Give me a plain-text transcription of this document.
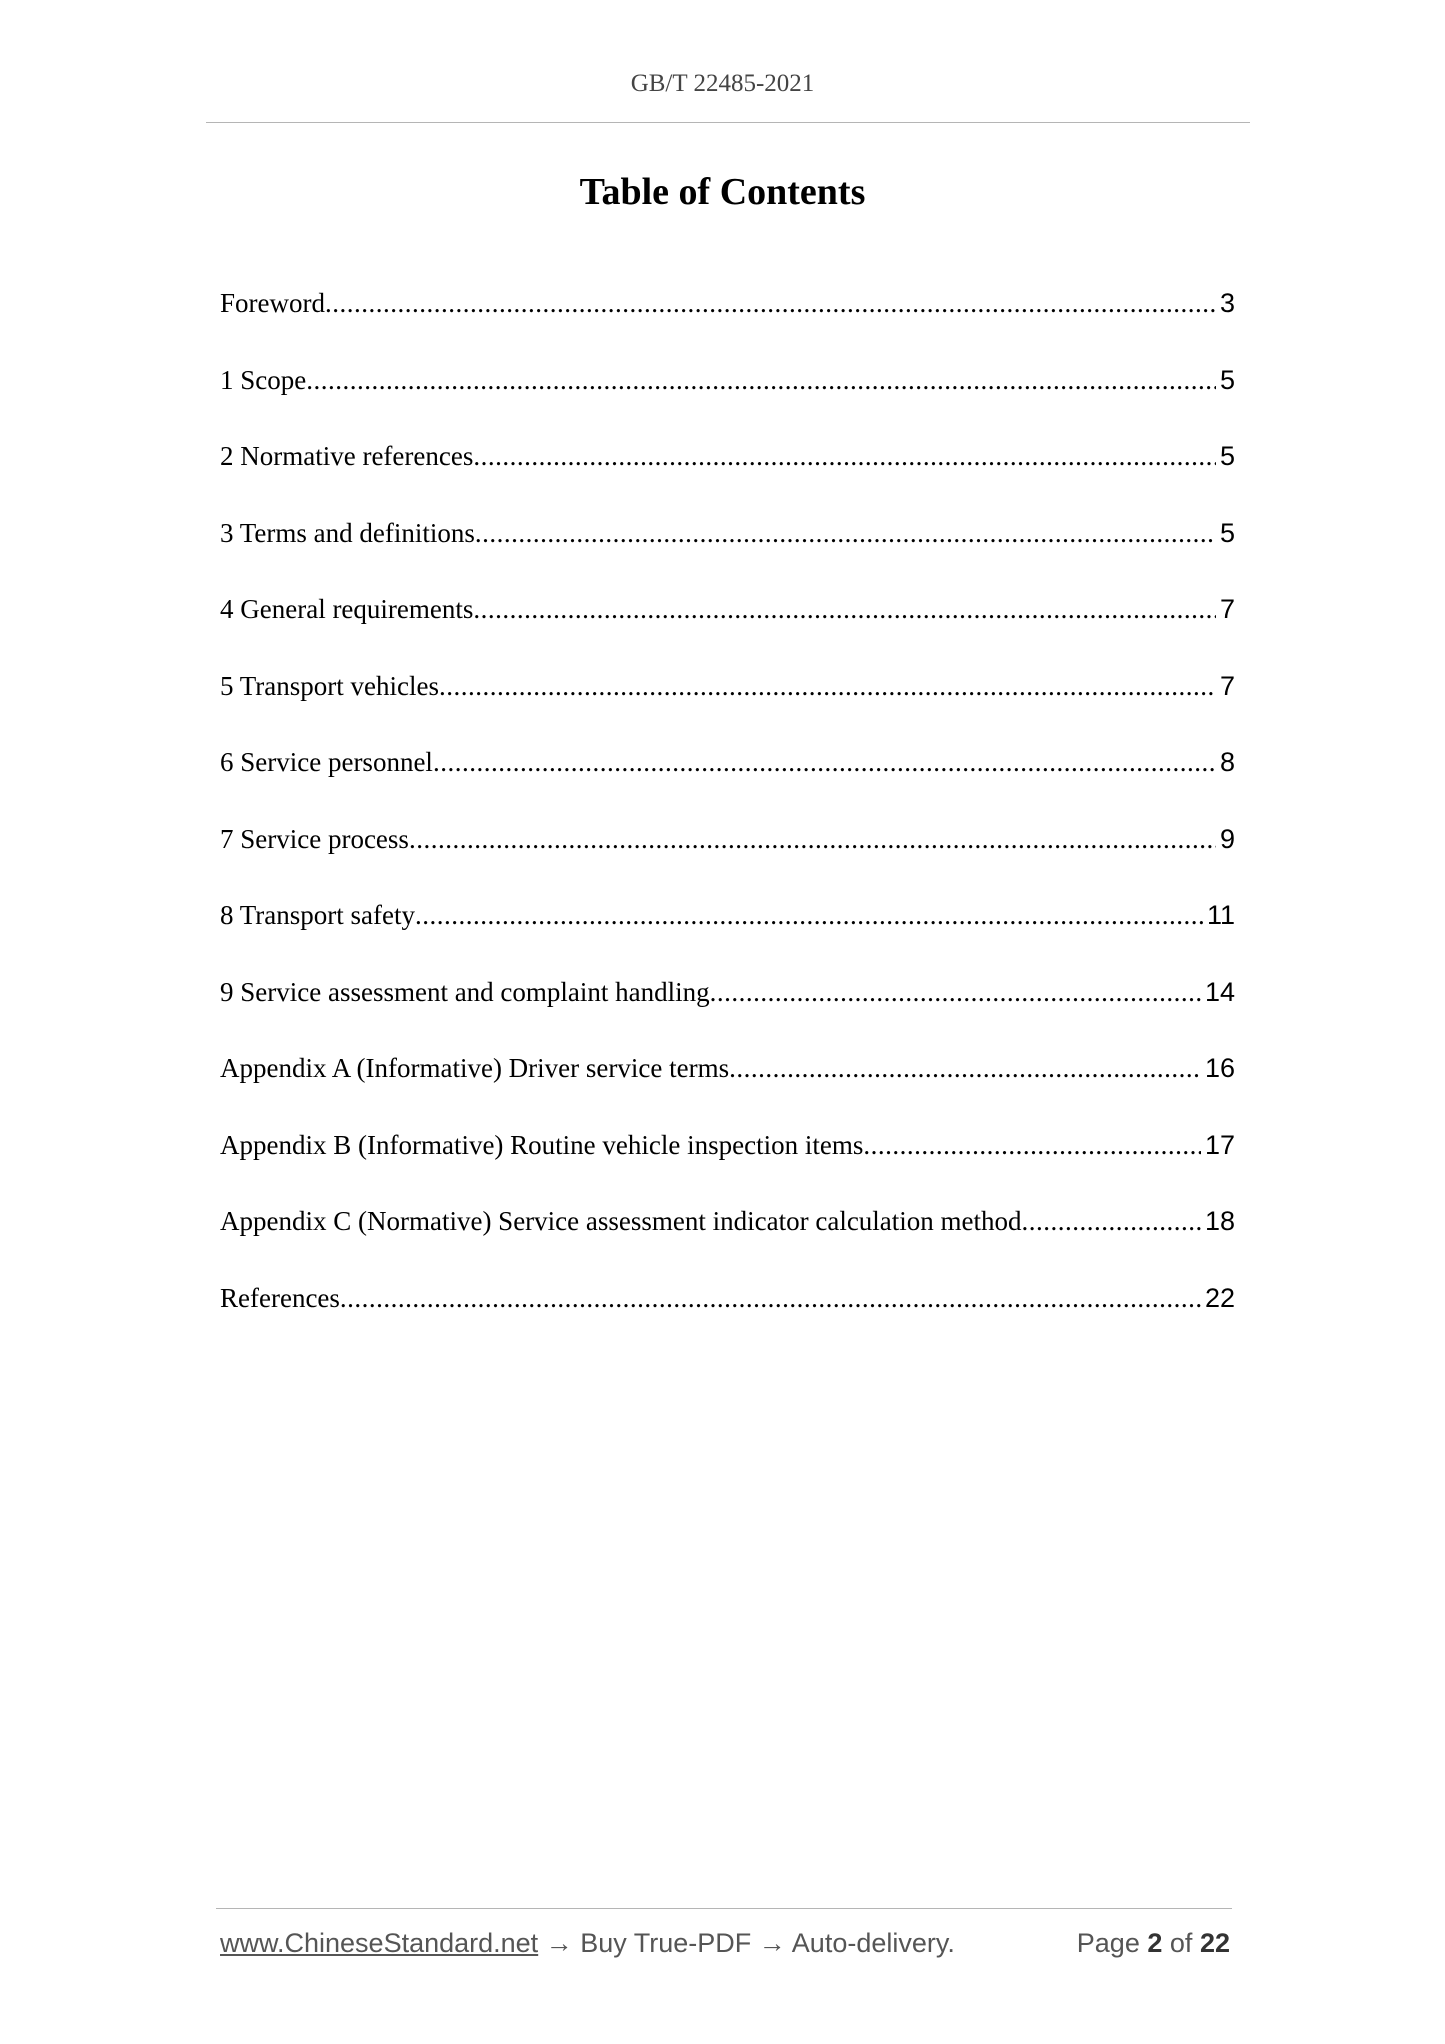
GB/T 22485-2021
Table of Contents
Foreword .....	3
1 Scope .....	5
2 Normative references .....	5
3 Terms and definitions .....	5
4 General requirements .....	7
5 Transport vehicles .....	7
6 Service personnel .....	8
7 Service process .....	9
8 Transport safety .....	11
9 Service assessment and complaint handling .....	14
Appendix A (Informative) Driver service terms .....	16
Appendix B (Informative) Routine vehicle inspection items .....	17
Appendix C (Normative) Service assessment indicator calculation method .....	18
References .....	22
www.ChineseStandard.net → Buy True-PDF → Auto-delivery.	Page 2 of 22
